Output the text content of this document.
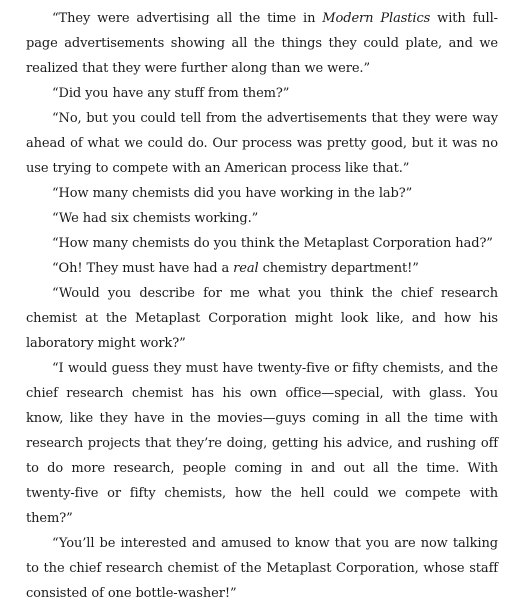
“They were advertising all the time in Modern Plastics with full-page advertisements showing all the things they could plate, and we realized that they were further along than we were.”

“Did you have any stuff from them?”

“No, but you could tell from the advertisements that they were way ahead of what we could do. Our process was pretty good, but it was no use trying to compete with an American process like that.”

“How many chemists did you have working in the lab?”

“We had six chemists working.”

“How many chemists do you think the Metaplast Corporation had?”

“Oh! They must have had a real chemistry department!”

“Would you describe for me what you think the chief research chemist at the Metaplast Corporation might look like, and how his laboratory might work?”

“I would guess they must have twenty-five or fifty chemists, and the chief research chemist has his own office—special, with glass. You know, like they have in the movies—guys coming in all the time with research projects that they’re doing, getting his advice, and rushing off to do more research, people coming in and out all the time. With twenty-five or fifty chemists, how the hell could we compete with them?”

“You’ll be interested and amused to know that you are now talking to the chief research chemist of the Metaplast Corporation, whose staff consisted of one bottle-washer!”
